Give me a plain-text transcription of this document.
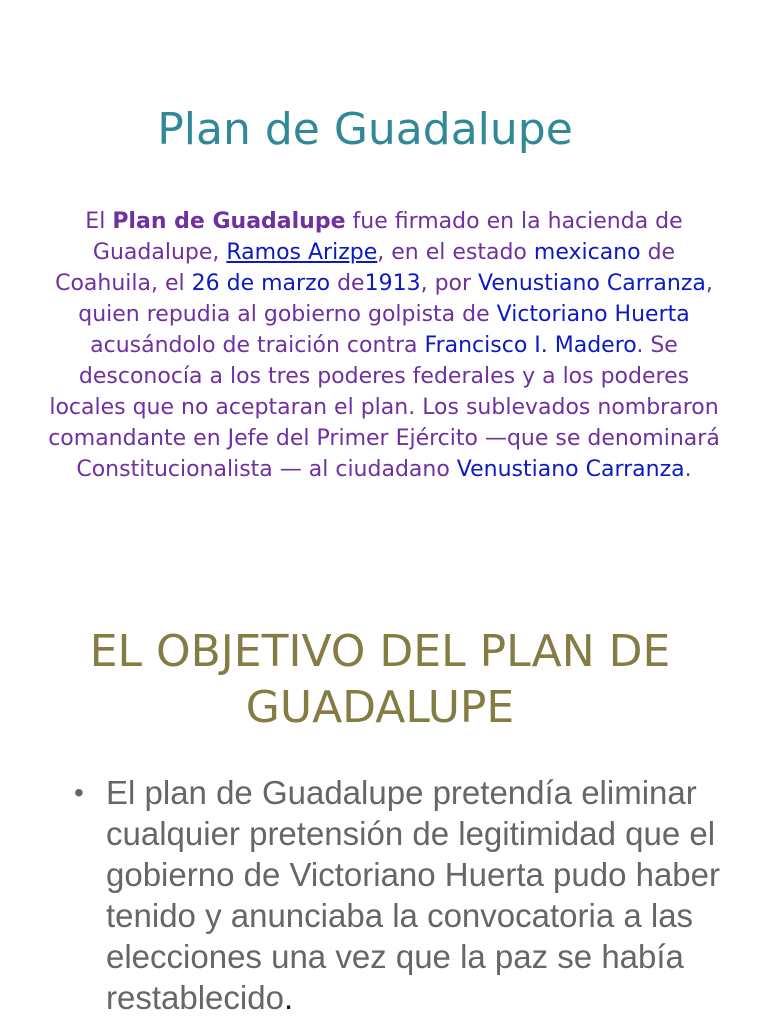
Plan de Guadalupe

El Plan de Guadalupe fue firmado en la hacienda de Guadalupe, Ramos Arizpe, en el estado mexicano de Coahuila, el 26 de marzo de1913, por Venustiano Carranza, quien repudia al gobierno golpista de Victoriano Huerta acusándolo de traición contra Francisco I. Madero. Se desconocía a los tres poderes federales y a los poderes locales que no aceptaran el plan. Los sublevados nombraron comandante en Jefe del Primer Ejército —que se denominará Constitucionalista — al ciudadano Venustiano Carranza.

EL OBJETIVO DEL PLAN DE GUADALUPE
• El plan de Guadalupe pretendía eliminar cualquier pretensión de legitimidad que el gobierno de Victoriano Huerta pudo haber tenido y anunciaba la convocatoria a las elecciones una vez que la paz se había restablecido.
